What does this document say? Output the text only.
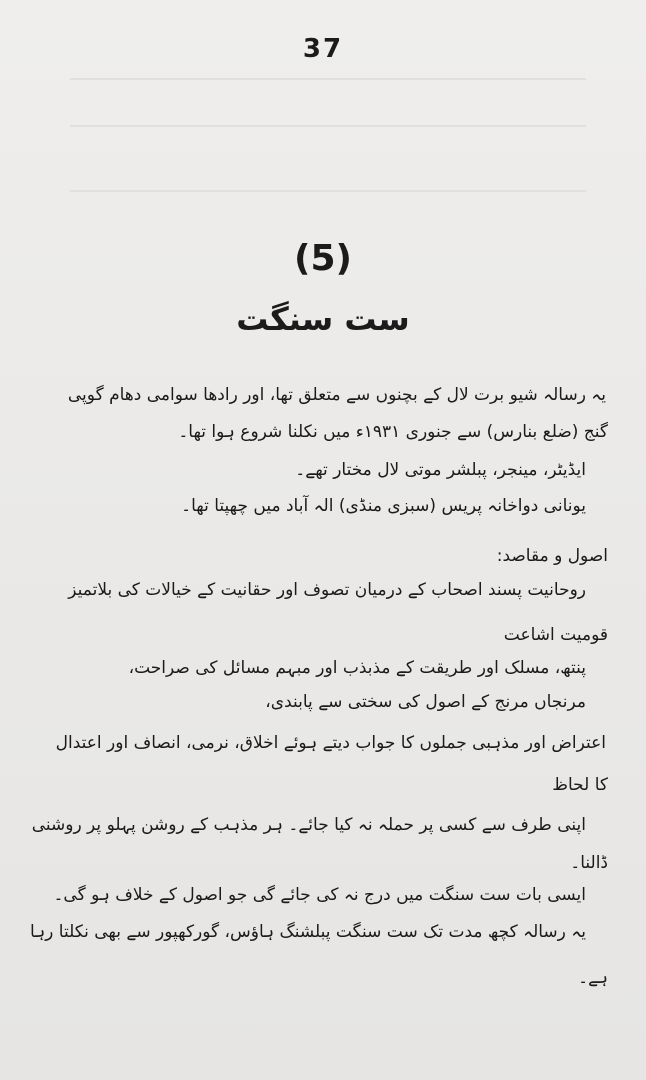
37
(5)
ست سنگت
یہ رسالہ شیو برت لال کے بچنوں سے متعلق تھا، اور رادھا سوامی دھام گوپی
گنج (ضلع بنارس) سے جنوری ۱۹۳۱ء میں نکلنا شروع ہوا تھا۔
ایڈیٹر، مینجر، پبلشر موتی لال مختار تھے۔
یونانی دواخانہ پریس (سبزی منڈی) الہ آباد میں چھپتا تھا۔
اصول و مقاصد:
روحانیت پسند اصحاب کے درمیان تصوف اور حقانیت کے خیالات کی بلاتمیز
قومیت اشاعت
پنتھ، مسلک اور طریقت کے مذبذب اور مبہم مسائل کی صراحت،
مرنجاں مرنج کے اصول کی سختی سے پابندی،
اعتراض اور مذہبی جملوں کا جواب دیتے ہوئے اخلاق، نرمی، انصاف اور اعتدال
کا لحاظ
اپنی طرف سے کسی پر حملہ نہ کیا جائے۔ ہر مذہب کے روشن پہلو پر روشنی
ڈالنا۔
ایسی بات ست سنگت میں درج نہ کی جائے گی جو اصول کے خلاف ہو گی۔
یہ رسالہ کچھ مدت تک ست سنگت پبلشنگ ہاؤس، گورکھپور سے بھی نکلتا رہا
ہے۔
